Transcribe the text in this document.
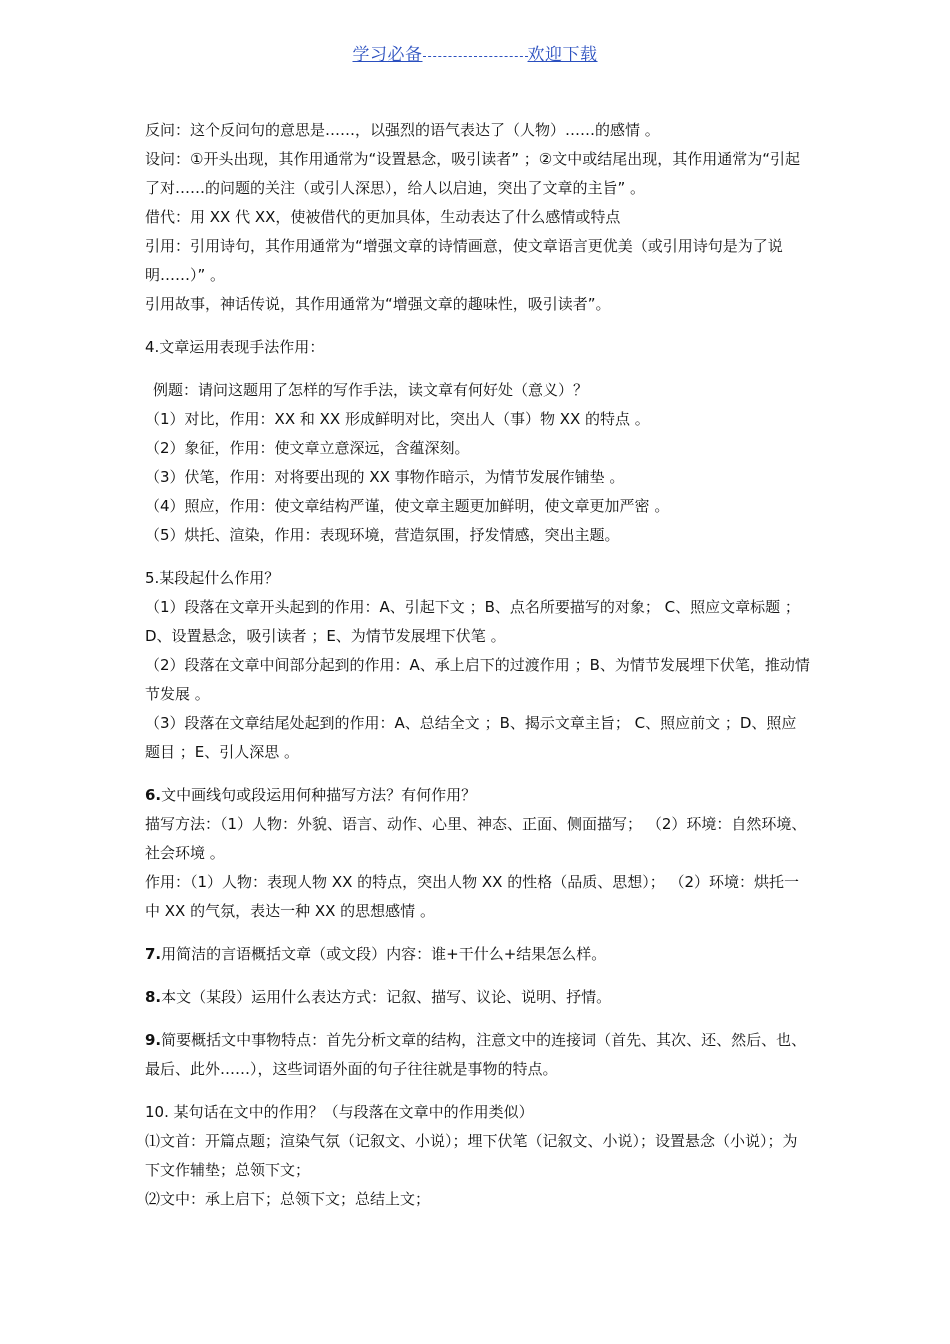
学习必备	欢迎下载

反问：这个反问句的意思是……，以强烈的语气表达了（人物）……的感情 。

设问：①开头出现，其作用通常为“设置悬念，吸引读者” ；②文中或结尾出现，其作用通常为“引起了对……的问题的关注（或引人深思），给人以启迪，突出了文章的主旨” 。

借代：用 XX 代 XX，使被借代的更加具体，生动表达了什么感情或特点

引用：引用诗句，其作用通常为“增强文章的诗情画意，使文章语言更优美（或引用诗句是为了说明……）” 。

引用故事，神话传说，其作用通常为“增强文章的趣味性，吸引读者”。

4.文章运用表现手法作用：

例题：请问这题用了怎样的写作手法，读文章有何好处（意义）？

（1）对比，作用：XX 和 XX 形成鲜明对比，突出人（事）物 XX 的特点 。

（2）象征，作用：使文章立意深远，含蕴深刻。

（3）伏笔，作用：对将要出现的 XX 事物作暗示，为情节发展作铺垫 。

（4）照应，作用：使文章结构严谨，使文章主题更加鲜明，使文章更加严密 。

（5）烘托、渲染，作用：表现环境，营造氛围，抒发情感，突出主题。

5.某段起什么作用？

（1）段落在文章开头起到的作用：A、引起下文 ；B、点名所要描写的对象； C、照应文章标题 ；D、设置悬念，吸引读者 ；E、为情节发展埋下伏笔 。

（2）段落在文章中间部分起到的作用：A、承上启下的过渡作用 ；B、为情节发展埋下伏笔，推动情节发展 。

（3）段落在文章结尾处起到的作用：A、总结全文 ；B、揭示文章主旨； C、照应前文 ；D、照应题目 ；E、引人深思 。

6.文中画线句或段运用何种描写方法？有何作用？

描写方法：（1）人物：外貌、语言、动作、心里、神态、正面、侧面描写； （2）环境：自然环境、社会环境 。

作用：（1）人物：表现人物 XX 的特点，突出人物 XX 的性格（品质、思想）； （2）环境：烘托一中 XX 的气氛，表达一种 XX 的思想感情 。

7.用简洁的言语概括文章（或文段）内容：谁+干什么+结果怎么样。

8.本文（某段）运用什么表达方式：记叙、描写、议论、说明、抒情。

9.简要概括文中事物特点：首先分析文章的结构，注意文中的连接词（首先、其次、还、然后、也、最后、此外……），这些词语外面的句子往往就是事物的特点。

10. 某句话在文中的作用？（与段落在文章中的作用类似）

⑴文首：开篇点题；渲染气氛（记叙文、小说）；埋下伏笔（记叙文、小说）；设置悬念（小说）；为下文作辅垫；总领下文；

⑵文中：承上启下；总领下文；总结上文；
